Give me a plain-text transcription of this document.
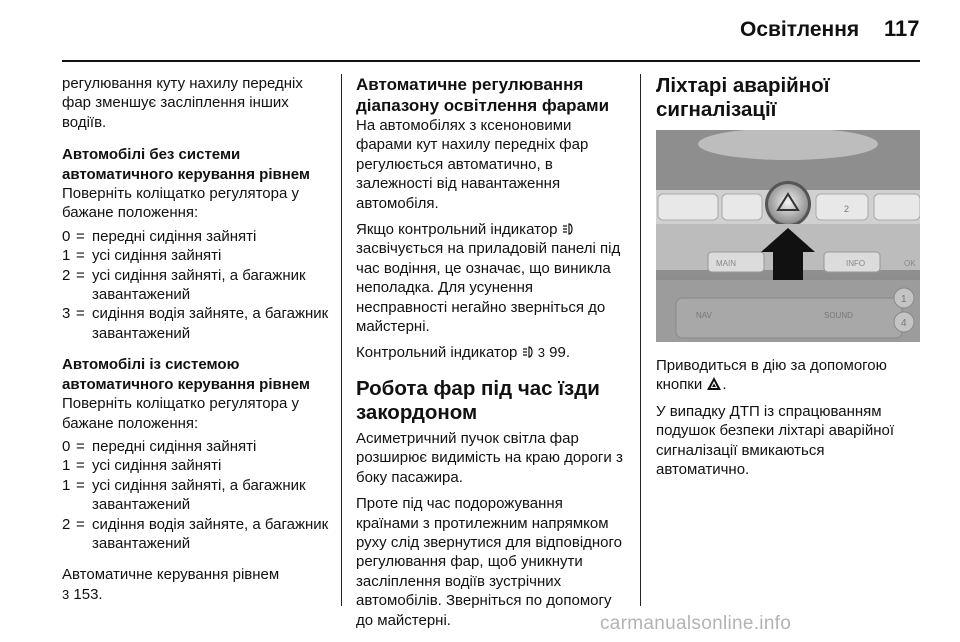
Освітлення 117

регулювання куту нахилу передніх фар зменшує засліплення інших водіїв.

Автомобілі без системи автоматичного керування рівнем

Поверніть коліщатко регулятора у бажане положення:

0 = передні сидіння зайняті
1 = усі сидіння зайняті
2 = усі сидіння зайняті, а багажник завантажений
3 = сидіння водія зайняте, а багажник завантажений

Автомобілі із системою автоматичного керування рівнем

Поверніть коліщатко регулятора у бажане положення:

0 = передні сидіння зайняті
1 = усі сидіння зайняті
1 = усі сидіння зайняті, а багажник завантажений
2 = сидіння водія зайняте, а багажник завантажений

Автоматичне керування рівнем
3 153.

Автоматичне регулювання діапазону освітлення фарами

На автомобілях з ксеноновими фарами кут нахилу передніх фар регулюється автоматично, в залежності від навантаження автомобіля.

Якщо контрольний індикатор  засвічується на приладовій панелі під час водіння, це означає, що виникла неполадка. Для усунення несправності негайно зверніться до майстерні.

Контрольний індикатор  3 99.

Робота фар під час їзди закордоном

Асиметричний пучок світла фар розширює видимість на краю дороги з боку пасажира.

Проте під час подорожування країнами з протилежним напрямком руху слід звернутися для відповідного регулювання фар, щоб уникнути засліплення водіїв зустрічних автомобілів. Зверніться по допомогу до майстерні.

Ліхтарі аварійної сигналізації

2
MAIN	INFO	OK
NAV	SOUND
1
4

Приводиться в дію за допомогою кнопки .

У випадку ДТП із спрацюванням подушок безпеки ліхтарі аварійної сигналізації вмикаються автоматично.

carmanualsonline.info
